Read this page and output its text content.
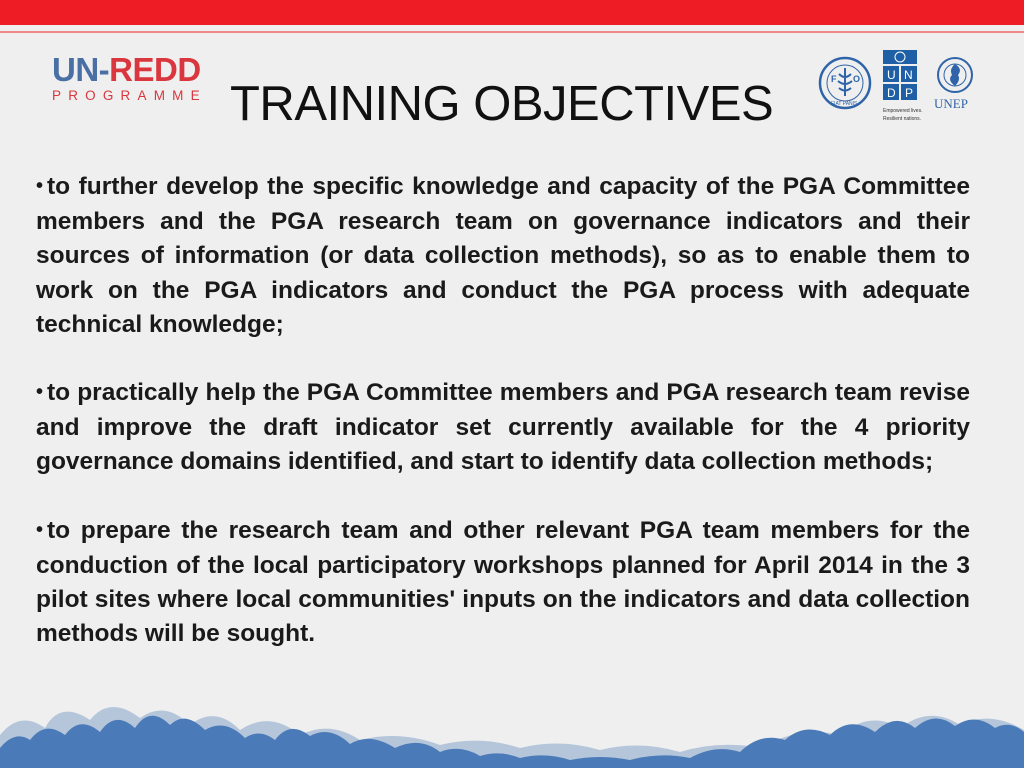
UN-REDD
PROGRAMME TRAINING OBJECTIVES	F O
FIAT PANIS
U N
D P
Empowered lives.
Resilient nations.
UNEP

• to further develop the specific knowledge and capacity of the PGA Committee members and the PGA research team on governance indicators and their sources of information (or data collection methods), so as to enable them to work on the PGA indicators and conduct the PGA process with adequate technical knowledge;

• to practically help the PGA Committee members and PGA research team revise and improve the draft indicator set currently available for the 4 priority governance domains identified, and start to identify data collection methods;

• to prepare the research team and other relevant PGA team members for the conduction of the local participatory workshops planned for April 2014 in the 3 pilot sites where local communities' inputs on the indicators and data collection methods will be sought.
